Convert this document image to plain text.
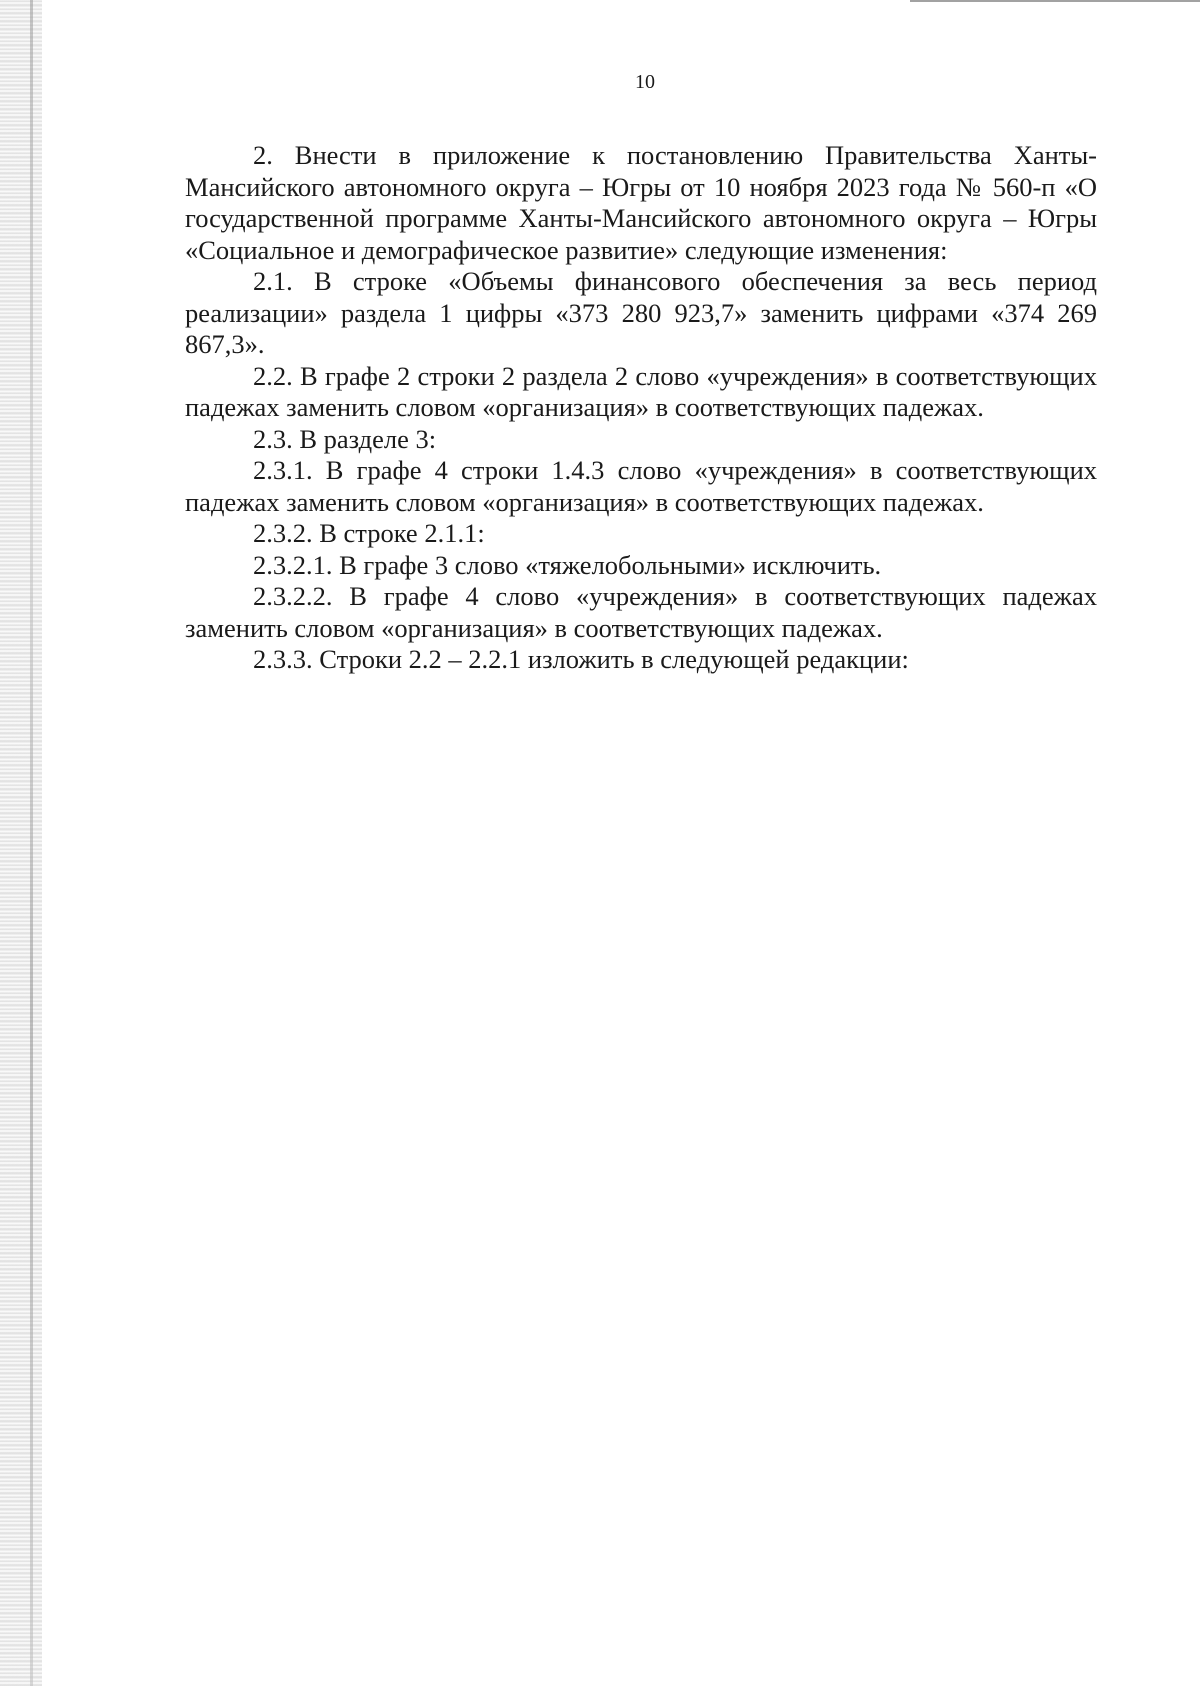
10

2. Внести в приложение к постановлению Правительства Ханты-Мансийского автономного округа – Югры от 10 ноября 2023 года № 560-п «О государственной программе Ханты-Мансийского автономного округа – Югры «Социальное и демографическое развитие» следующие изменения:

2.1. В строке «Объемы финансового обеспечения за весь период реализации» раздела 1 цифры «373 280 923,7» заменить цифрами «374 269 867,3».

2.2. В графе 2 строки 2 раздела 2 слово «учреждения» в соответствующих падежах заменить словом «организация» в соответствующих падежах.

2.3. В разделе 3:

2.3.1. В графе 4 строки 1.4.3 слово «учреждения» в соответствующих падежах заменить словом «организация» в соответствующих падежах.

2.3.2. В строке 2.1.1:

2.3.2.1. В графе 3 слово «тяжелобольными» исключить.

2.3.2.2. В графе 4 слово «учреждения» в соответствующих падежах заменить словом «организация» в соответствующих падежах.

2.3.3. Строки 2.2 – 2.2.1 изложить в следующей редакции:
